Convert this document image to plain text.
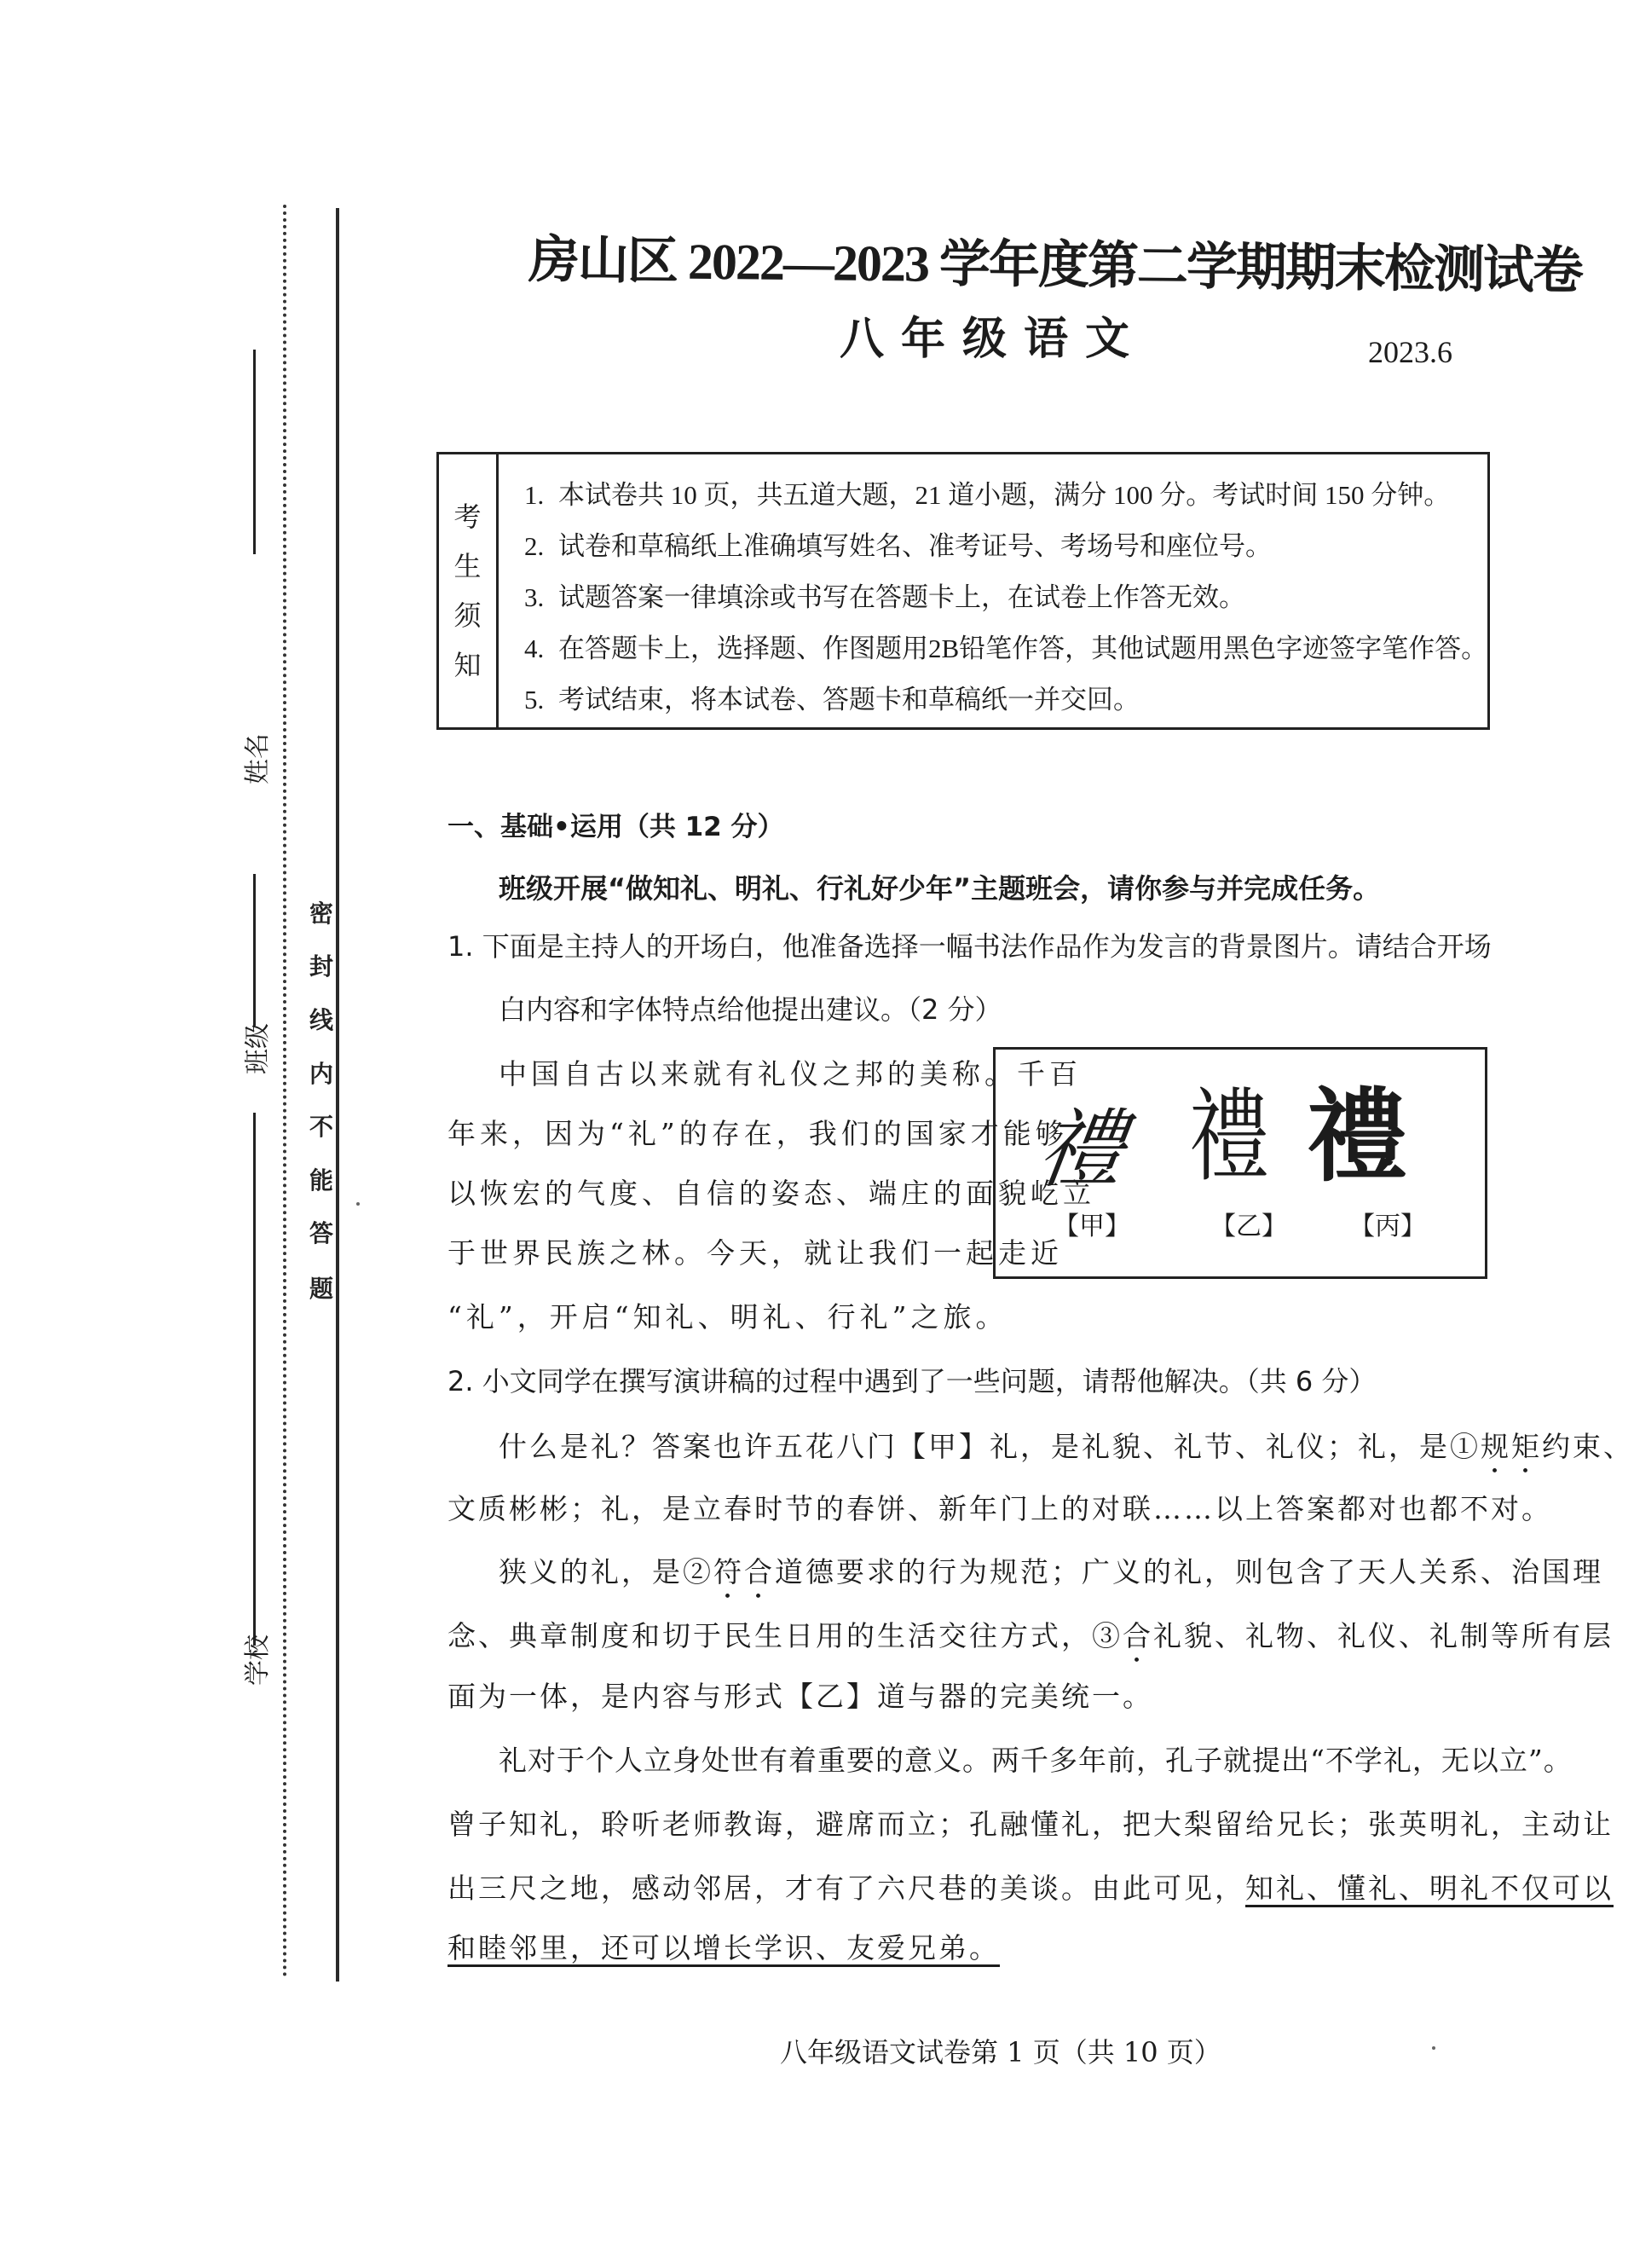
密
封
线
内
不
能
答
题
姓名
班级
学校
房山区 2022—2023 学年度第二学期期末检测试卷
八年级语文	2023.6
考
生
须
知
1. 本试卷共 10 页，共五道大题，21 道小题，满分 100 分。考试时间 150 分钟。
2. 试卷和草稿纸上准确填写姓名、准考证号、考场号和座位号。
3. 试题答案一律填涂或书写在答题卡上，在试卷上作答无效。
4. 在答题卡上，选择题、作图题用2B铅笔作答，其他试题用黑色字迹签字笔作答。
5. 考试结束，将本试卷、答题卡和草稿纸一并交回。
一、基础•运用（共 12 分）
班级开展“做知礼、明礼、行礼好少年”主题班会，请你参与并完成任务。
1. 下面是主持人的开场白，他准备选择一幅书法作品作为发言的背景图片。请结合开场
白内容和字体特点给他提出建议。（2 分）
中国自古以来就有礼仪之邦的美称。千百
年来，因为“礼”的存在，我们的国家才能够
以恢宏的气度、自信的姿态、端庄的面貌屹立
于世界民族之林。今天，就让我们一起走近
“礼”，开启“知礼、明礼、行礼”之旅。
禮 禮 禮
【甲】	【乙】 【丙】
2. 小文同学在撰写演讲稿的过程中遇到了一些问题，请帮他解决。（共 6 分）
什么是礼？答案也许五花八门【甲】礼，是礼貌、礼节、礼仪；礼，是①规矩约束、
文质彬彬；礼，是立春时节的春饼、新年门上的对联……以上答案都对也都不对。
狭义的礼，是②符合道德要求的行为规范；广义的礼，则包含了天人关系、治国理
念、典章制度和切于民生日用的生活交往方式，③合礼貌、礼物、礼仪、礼制等所有层
面为一体，是内容与形式【乙】道与器的完美统一。
礼对于个人立身处世有着重要的意义。两千多年前，孔子就提出“不学礼，无以立”。
曾子知礼，聆听老师教诲，避席而立；孔融懂礼，把大梨留给兄长；张英明礼，主动让
出三尺之地，感动邻居，才有了六尺巷的美谈。由此可见，知礼、懂礼、明礼不仅可以
和睦邻里，还可以增长学识、友爱兄弟。
八年级语文试卷第 1 页（共 10 页）
